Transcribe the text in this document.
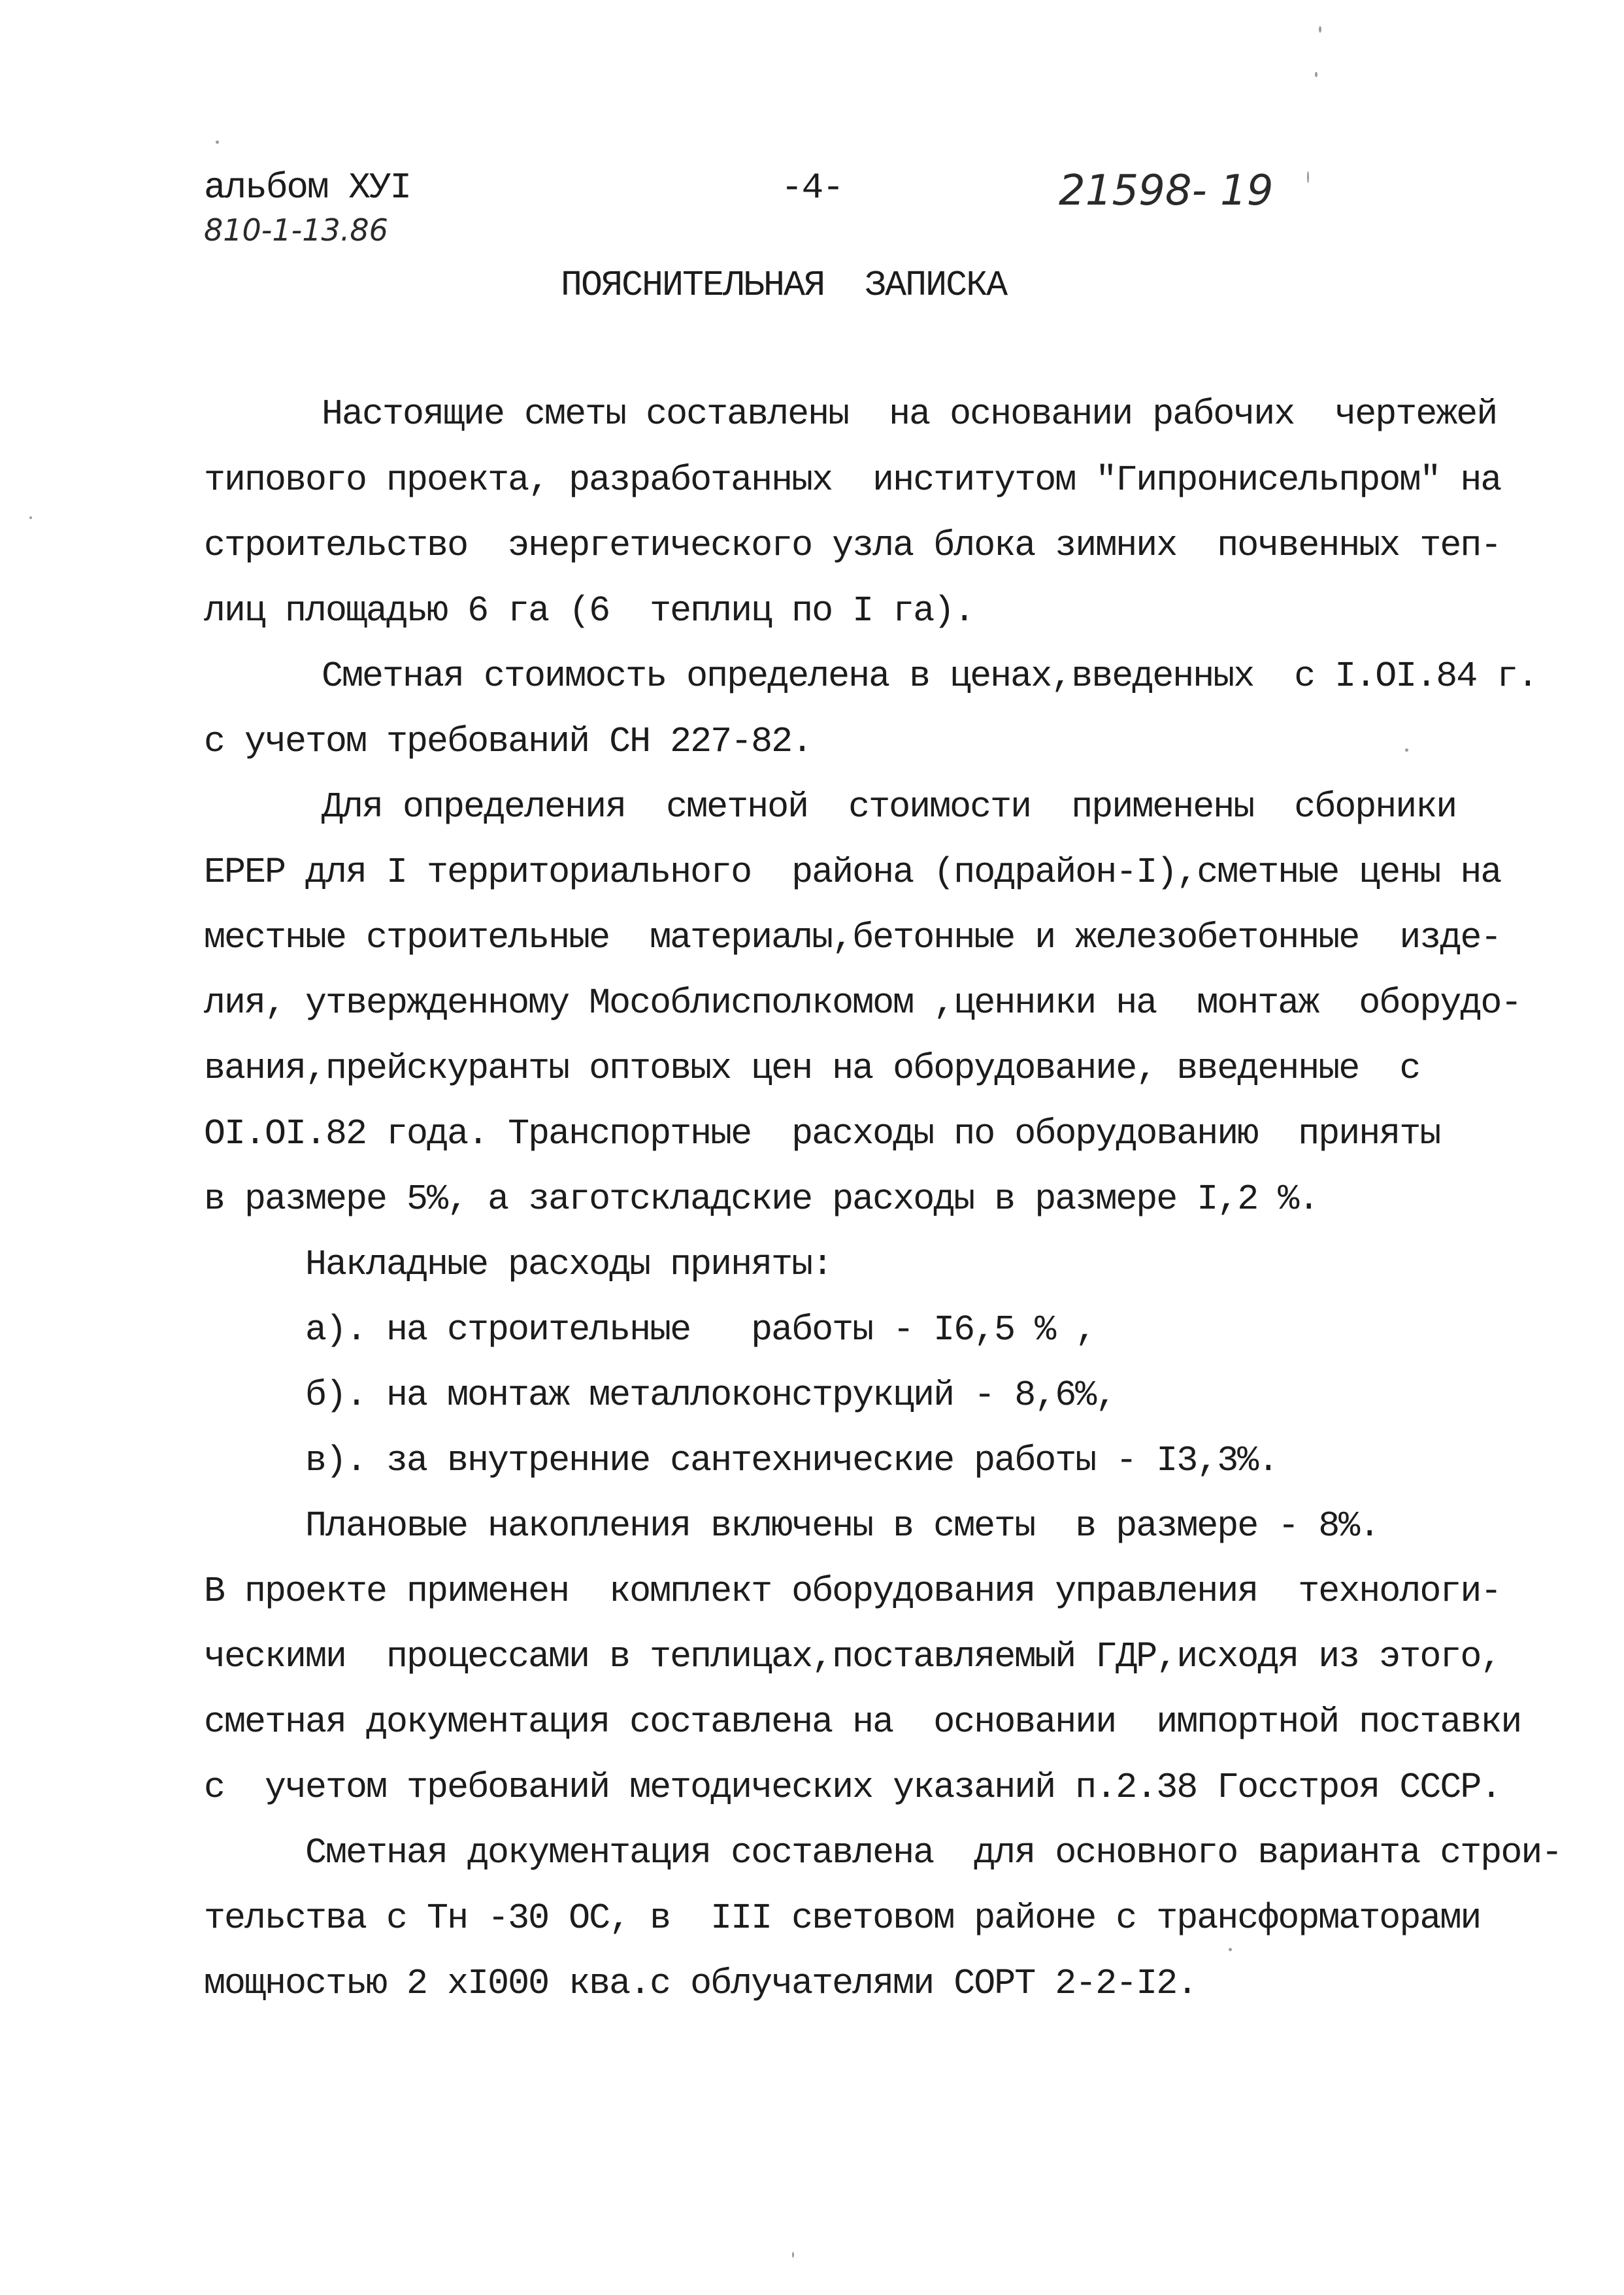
альбом ХУI	-4-	21598- 19
810-1-13.86
ПОЯСНИТЕЛЬНАЯ  ЗАПИСКА

Настоящие сметы составлены  на основании рабочих  чертежей

типового проекта, разработанных  институтом "Гипронисельпром" на

строительство  энергетического узла блока зимних  почвенных теп-

лиц площадью 6 га (6  теплиц по I га).

Сметная стоимость определена в ценах,введенных  с I.OI.84 г.

с учетом требований СН 227-82.

Для определения  сметной  стоимости  применены  сборники

ЕРЕР для I территориального  района (подрайон-I),сметные цены на

местные строительные  материалы,бетонные и железобетонные  изде-

лия, утвержденному Мособлисполкомом ,ценники на  монтаж  оборудо-

вания,прейскуранты оптовых цен на оборудование, введенные  с

OI.OI.82 года. Транспортные  расходы по оборудованию  приняты

в размере 5%, а заготскладские расходы в размере I,2 %.

Накладные расходы приняты:

а). на строительные   работы - I6,5 % ,

б). на монтаж металлоконструкций - 8,6%,

в). за внутренние сантехнические работы - I3,3%.

Плановые накопления включены в сметы  в размере - 8%.

В проекте применен  комплект оборудования управления  технологи-

ческими  процессами в теплицах,поставляемый ГДР,исходя из этого,

сметная документация составлена на  основании  импортной поставки

с  учетом требований методических указаний п.2.38 Госстроя СССР.

Сметная документация составлена  для основного варианта строи-

тельства с Тн -30 ОС, в  III световом районе с трансформаторами

мощностью 2 хI000 ква.с облучателями СОРТ 2-2-I2.
